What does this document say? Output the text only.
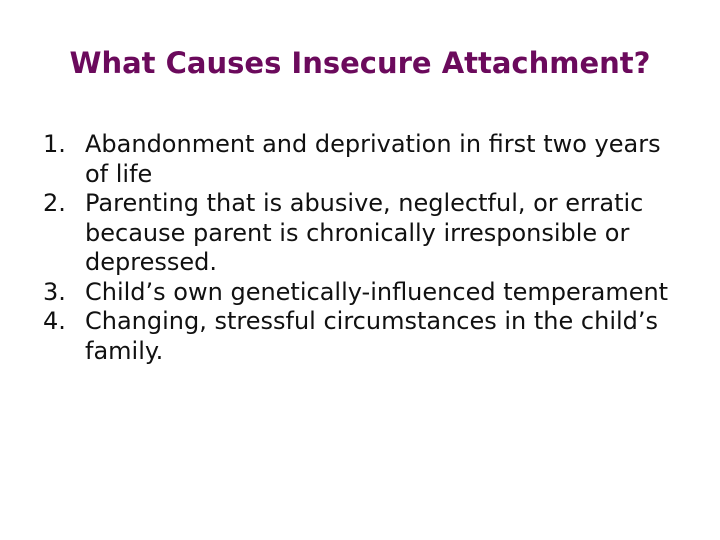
What Causes Insecure Attachment?
1. Abandonment and deprivation in first two years of life
2. Parenting that is abusive, neglectful, or erratic because parent is chronically irresponsible or depressed.
3. Child’s own genetically-influenced temperament
4. Changing, stressful circumstances in the child’s family.
